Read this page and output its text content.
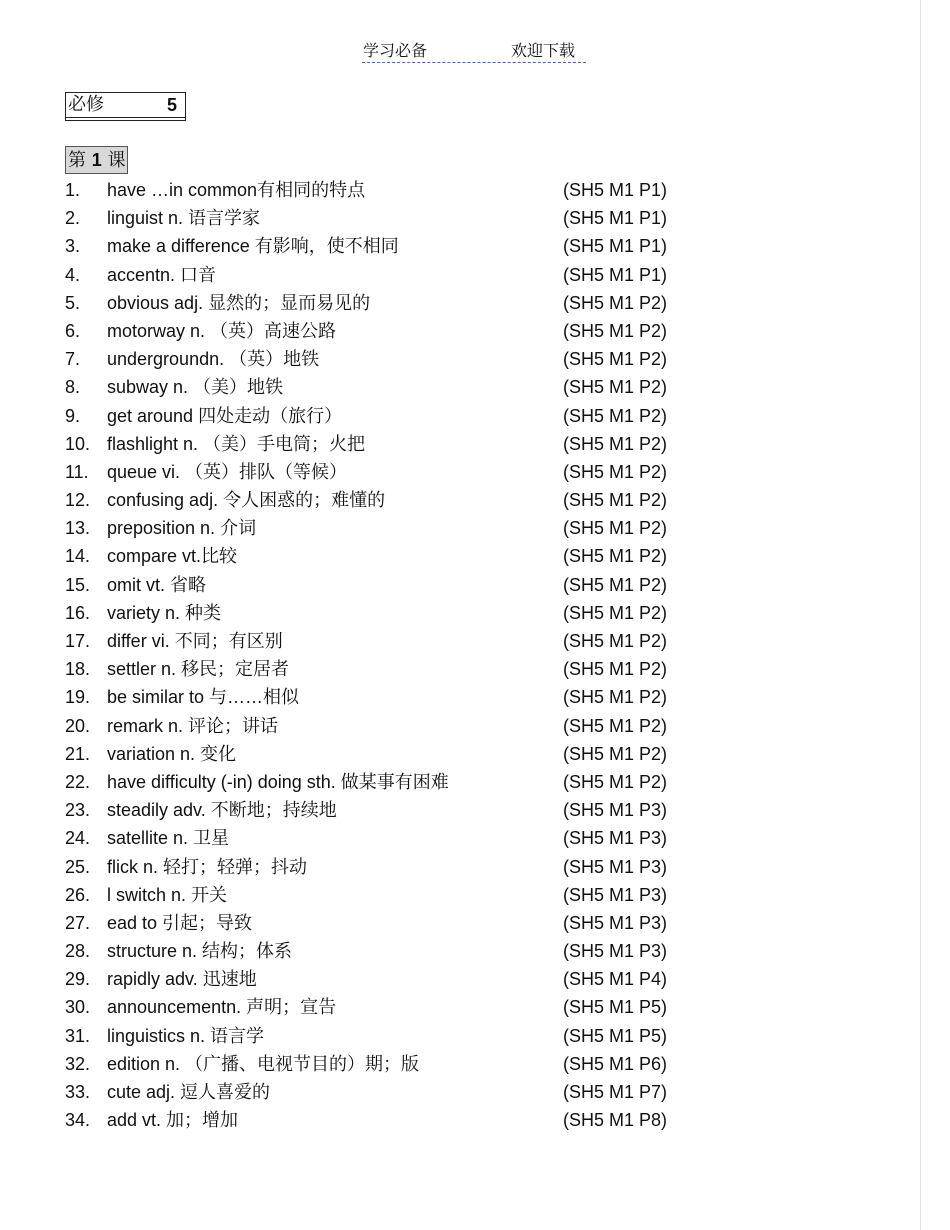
学习必备	欢迎下载
必修	5
第 1 课
1. have …in common有相同的特点	(SH5 M1 P1)
2. linguist n. 语言学家	(SH5 M1 P1)
3. make a difference 有影响，使不相同	(SH5 M1 P1)
4. accentn. 口音	(SH5 M1 P1)
5. obvious adj. 显然的；显而易见的	(SH5 M1 P2)
6. motorway n. （英）高速公路	(SH5 M1 P2)
7. undergroundn. （英）地铁	(SH5 M1 P2)
8. subway n. （美）地铁	(SH5 M1 P2)
9. get around 四处走动（旅行）	(SH5 M1 P2)
10. flashlight n. （美）手电筒；火把	(SH5 M1 P2)
11. queue vi. （英）排队（等候）	(SH5 M1 P2)
12. confusing adj. 令人困惑的；难懂的	(SH5 M1 P2)
13. preposition n. 介词	(SH5 M1 P2)
14. compare vt.比较	(SH5 M1 P2)
15. omit vt. 省略	(SH5 M1 P2)
16. variety n. 种类	(SH5 M1 P2)
17. differ vi. 不同；有区别	(SH5 M1 P2)
18. settler n. 移民；定居者	(SH5 M1 P2)
19. be similar to 与……相似	(SH5 M1 P2)
20. remark n. 评论；讲话	(SH5 M1 P2)
21. variation n. 变化	(SH5 M1 P2)
22. have difficulty (-in) doing sth. 做某事有困难	(SH5 M1 P2)
23. steadily adv. 不断地；持续地	(SH5 M1 P3)
24. satellite n. 卫星	(SH5 M1 P3)
25. flick n. 轻打；轻弹；抖动	(SH5 M1 P3)
26. l switch n. 开关	(SH5 M1 P3)
27. ead to 引起；导致	(SH5 M1 P3)
28. structure n. 结构；体系	(SH5 M1 P3)
29. rapidly adv. 迅速地	(SH5 M1 P4)
30. announcementn. 声明；宣告	(SH5 M1 P5)
31. linguistics n. 语言学	(SH5 M1 P5)
32. edition n. （广播、电视节目的）期；版	(SH5 M1 P6)
33. cute adj. 逗人喜爱的	(SH5 M1 P7)
34. add vt. 加；增加	(SH5 M1 P8)
